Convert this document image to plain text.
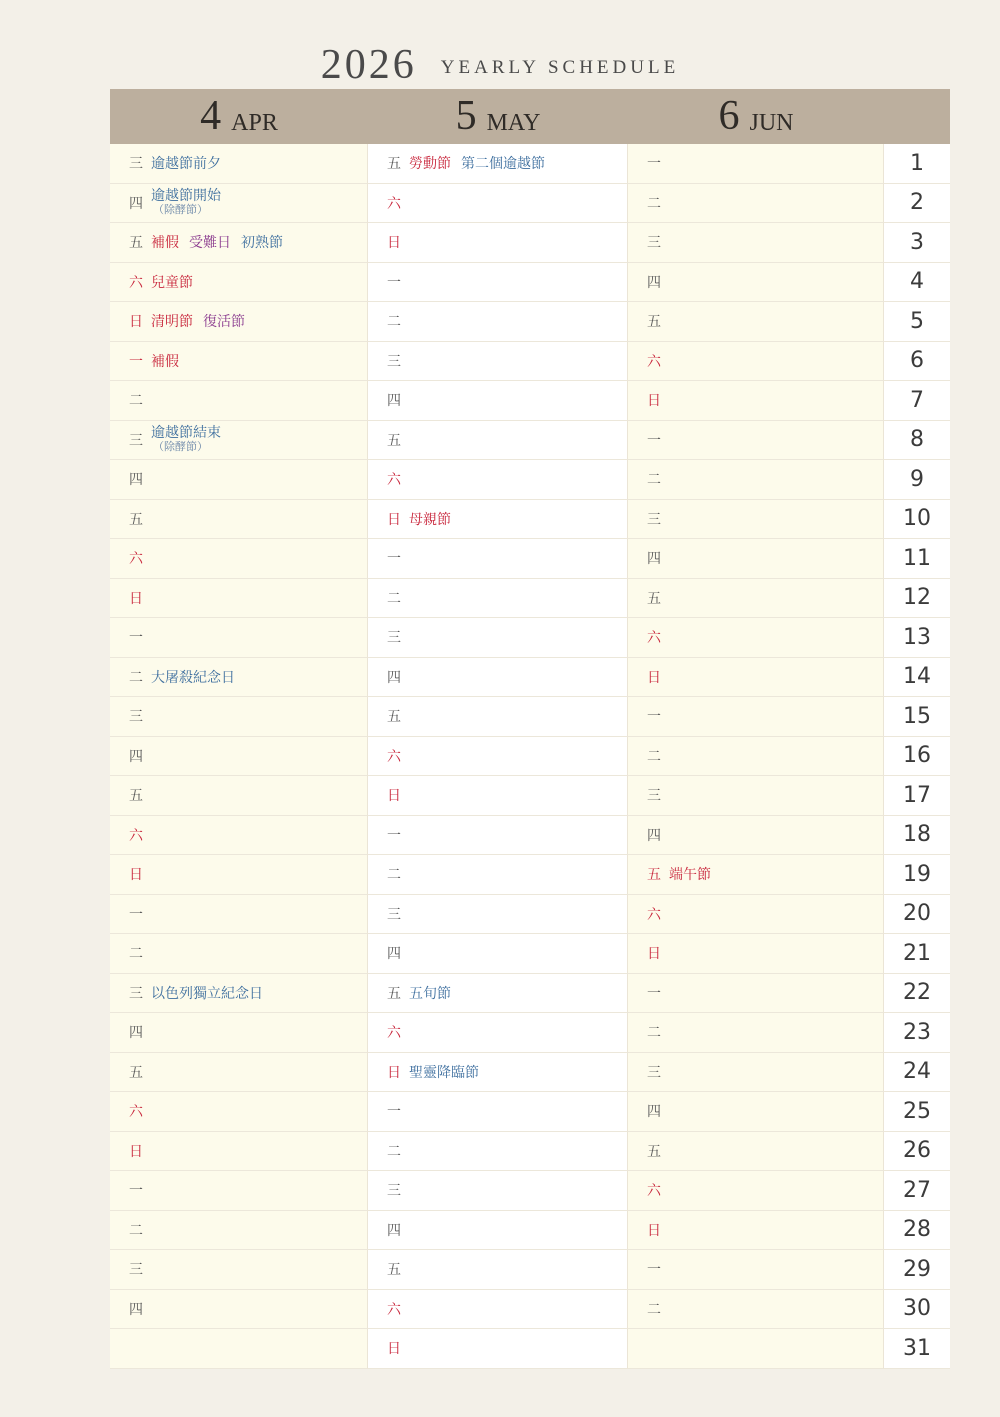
2026 YEARLY SCHEDULE
4 APR	5 MAY	6 JUN
三 逾越節前夕
四 逾越節開始
（除酵節）
五 補假 受難日 初熟節
六 兒童節
日 清明節 復活節
一 補假
二
三 逾越節結束
（除酵節）
四
五
六
日
一
二 大屠殺紀念日
三
四
五
六
日
一
二
三 以色列獨立紀念日
四
五
六
日
一
二
三
四
五 勞動節 第二個逾越節
六
日
一
二
三
四
五
六
日 母親節
一
二
三
四
五
六
日
一
二
三
四
五 五旬節
六
日 聖靈降臨節
一
二
三
四
五
六
日
一
二
三
四
五
六
日
一
二
三
四
五
六
日
一
二
三
四
五 端午節
六
日
一
二
三
四
五
六
日
一
二
1
2
3
4
5
6
7
8
9
10
11
12
13
14
15
16
17
18
19
20
21
22
23
24
25
26
27
28
29
30
31
